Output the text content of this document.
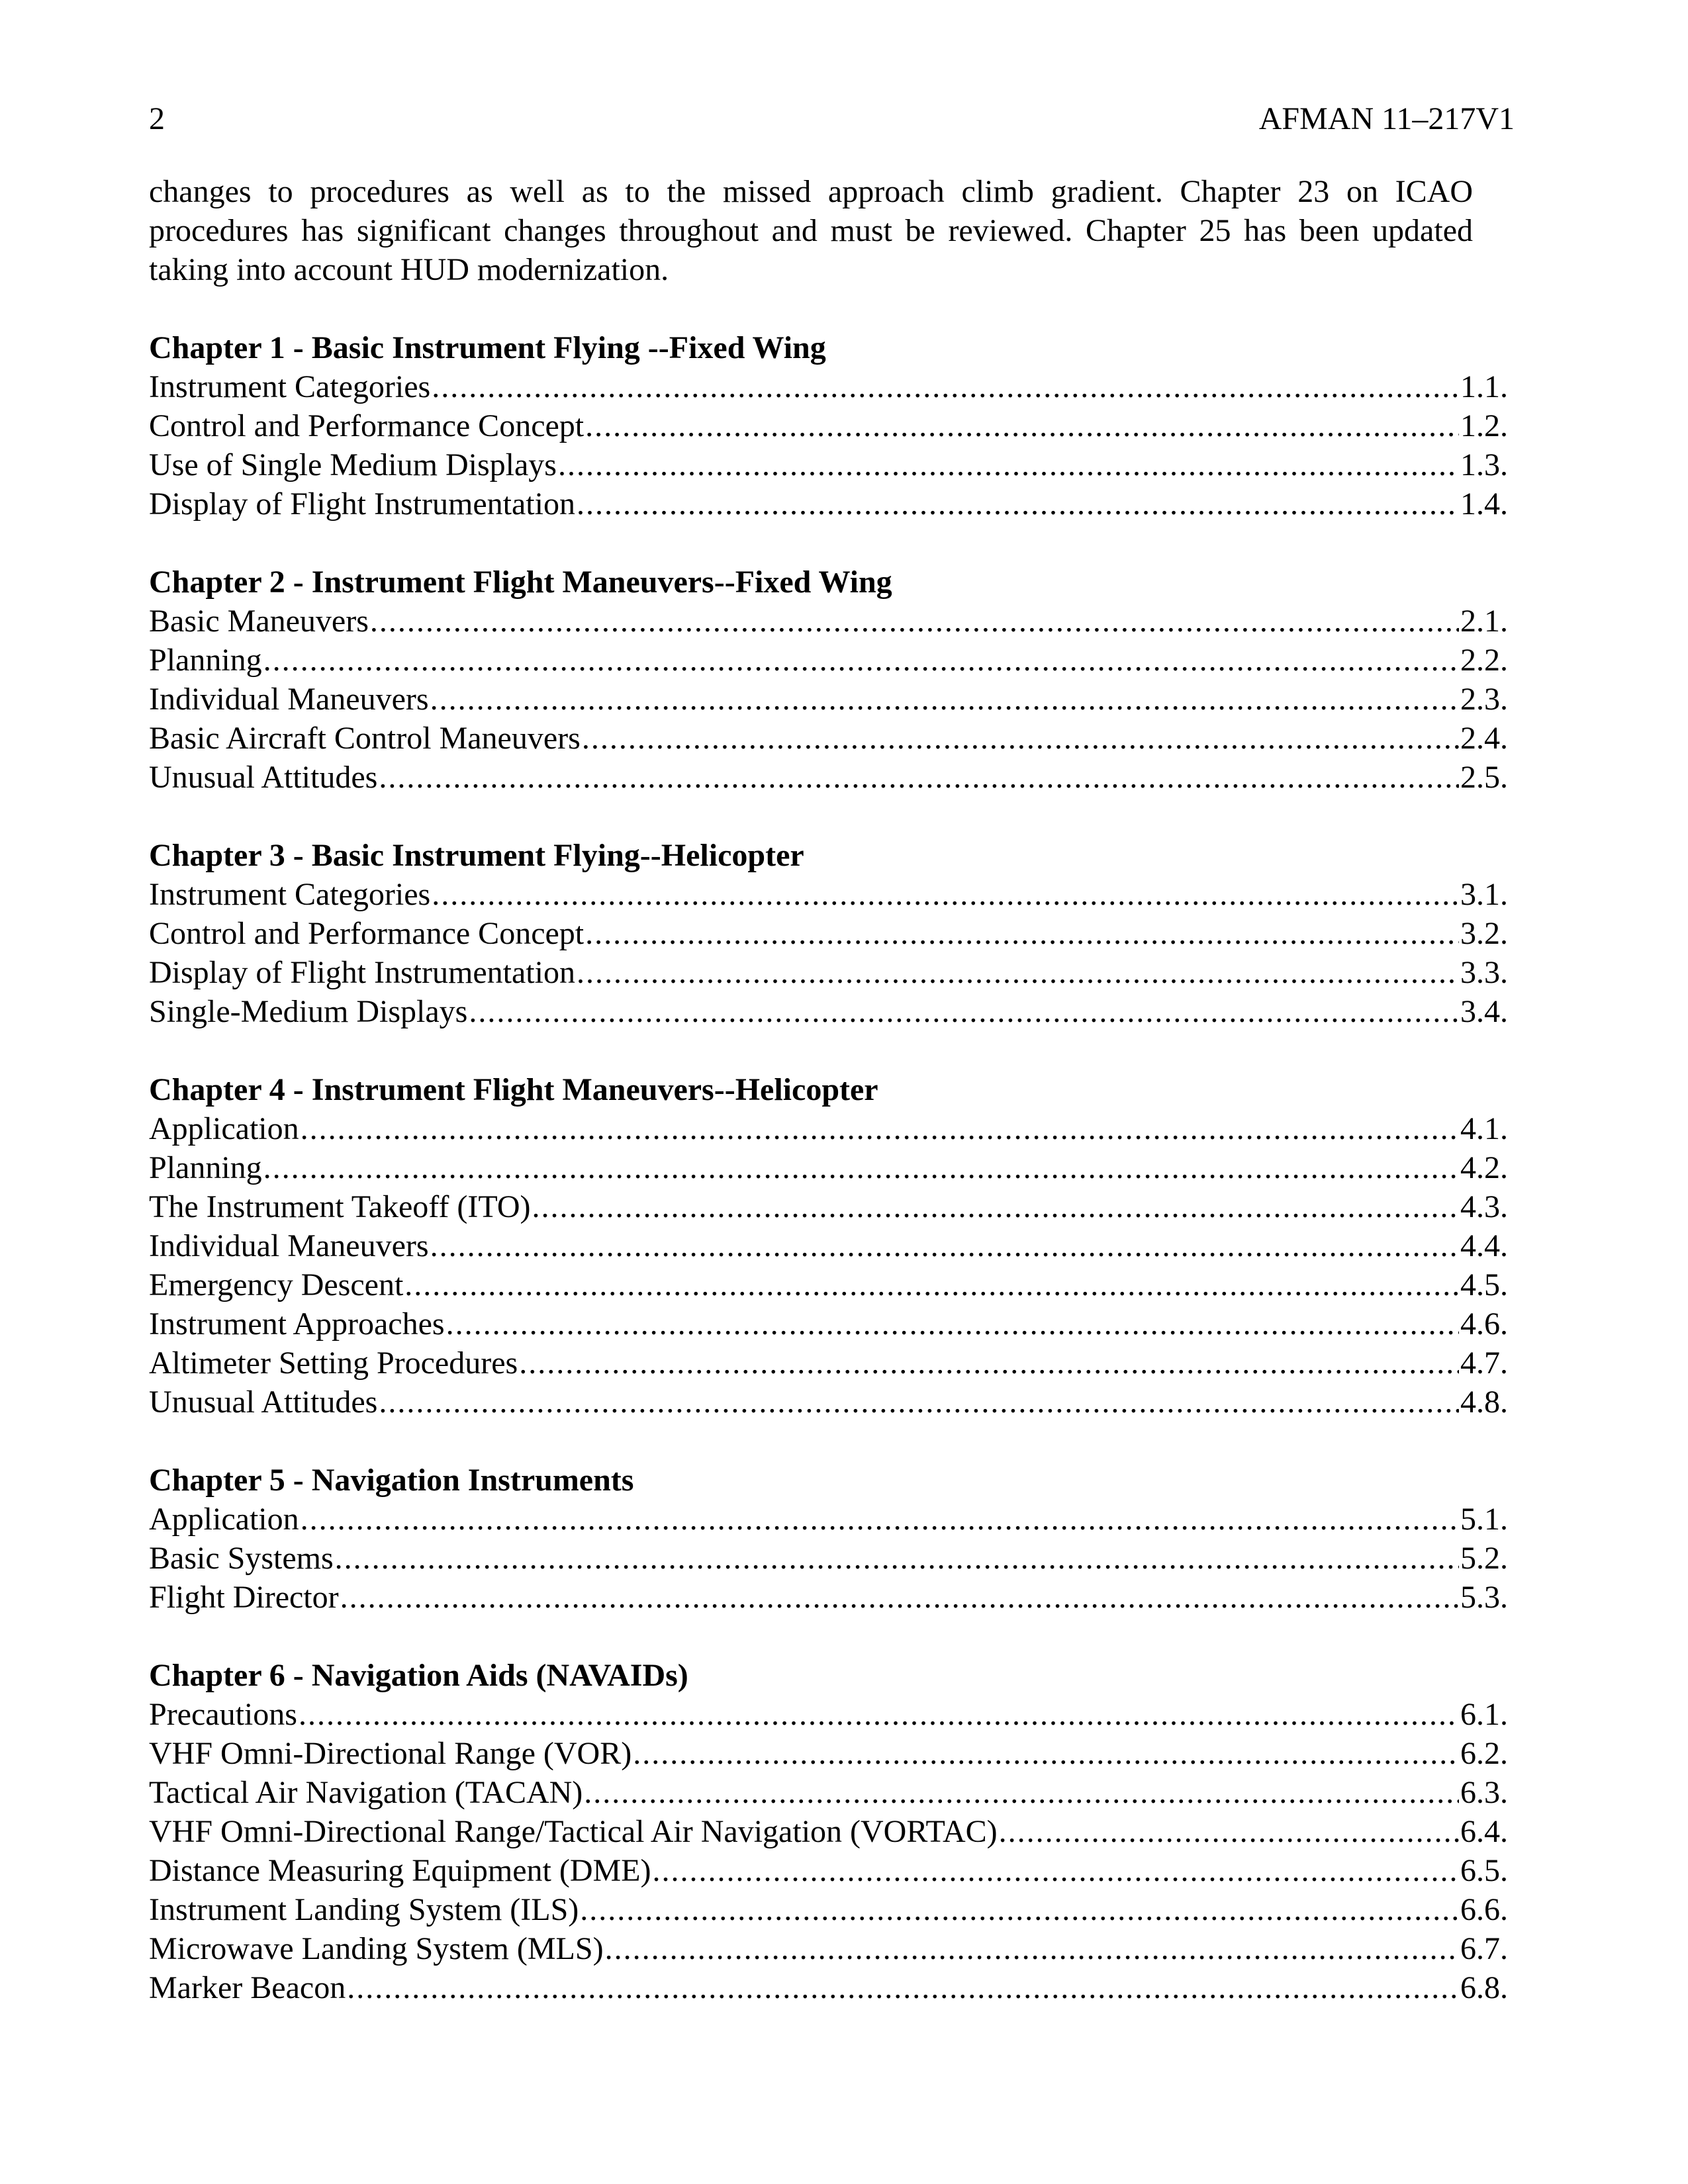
2	AFMAN 11–217V1

changes to procedures as well as to the missed approach climb gradient. Chapter 23 on ICAO

procedures has significant changes throughout and must be reviewed. Chapter 25 has been updated

taking into account HUD modernization.

Chapter 1 - Basic Instrument Flying --Fixed Wing
Instrument Categories .....	1.1.
Control and Performance Concept .....	1.2.
Use of Single Medium Displays .....	1.3.
Display of Flight Instrumentation .....	1.4.
Chapter 2 - Instrument Flight Maneuvers--Fixed Wing
Basic Maneuvers .....	2.1.
Planning .....	2.2.
Individual Maneuvers .....	2.3.
Basic Aircraft Control Maneuvers .....	2.4.
Unusual Attitudes .....	2.5.
Chapter 3 - Basic Instrument Flying--Helicopter
Instrument Categories .....	3.1.
Control and Performance Concept .....	3.2.
Display of Flight Instrumentation .....	3.3.
Single-Medium Displays .....	3.4.
Chapter 4 - Instrument Flight Maneuvers--Helicopter
Application .....	4.1.
Planning .....	4.2.
The Instrument Takeoff (ITO) .....	4.3.
Individual Maneuvers .....	4.4.
Emergency Descent .....	4.5.
Instrument Approaches .....	4.6.
Altimeter Setting Procedures .....	4.7.
Unusual Attitudes .....	4.8.
Chapter 5 - Navigation Instruments
Application .....	5.1.
Basic Systems .....	5.2.
Flight Director .....	5.3.
Chapter 6 - Navigation Aids (NAVAIDs)
Precautions .....	6.1.
VHF Omni-Directional Range (VOR) .....	6.2.
Tactical Air Navigation (TACAN) .....	6.3.
VHF Omni-Directional Range/Tactical Air Navigation (VORTAC) .....	6.4.
Distance Measuring Equipment (DME) .....	6.5.
Instrument Landing System (ILS) .....	6.6.
Microwave Landing System (MLS) .....	6.7.
Marker Beacon .....	6.8.
